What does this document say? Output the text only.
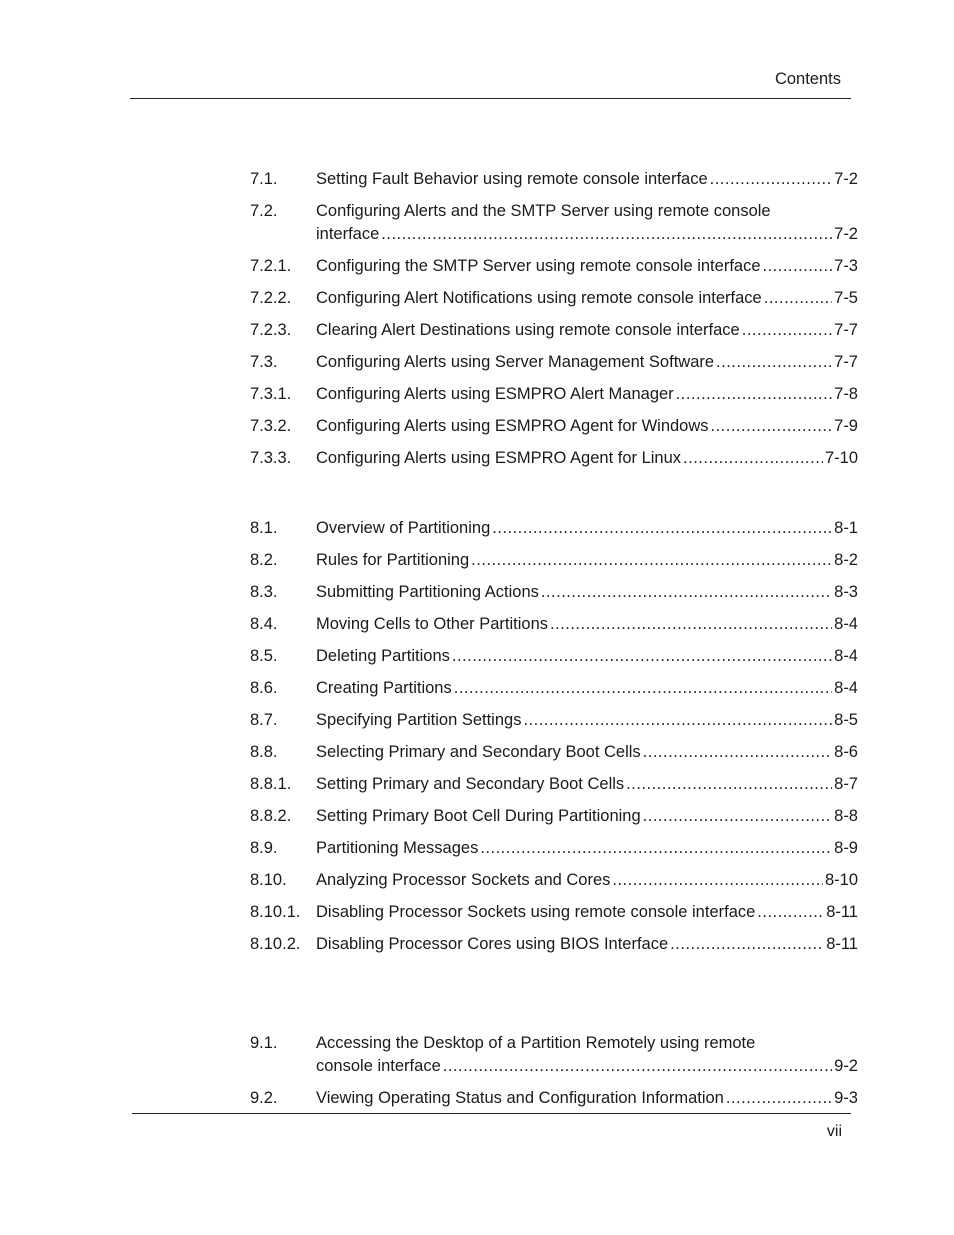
Contents
7.1.	Setting Fault Behavior using remote console interface .....	7-2
7.2.	Configuring Alerts and the SMTP Server using remote console
interface .....	7-2
7.2.1.	Configuring the SMTP Server using remote console interface .....	7-3
7.2.2.	Configuring Alert Notifications using remote console interface .....	7-5
7.2.3.	Clearing Alert Destinations using remote console interface .....	7-7
7.3.	Configuring Alerts using Server Management Software .....	7-7
7.3.1.	Configuring Alerts using ESMPRO Alert Manager .....	7-8
7.3.2.	Configuring Alerts using ESMPRO Agent for Windows .....	7-9
7.3.3.	Configuring Alerts using ESMPRO Agent for Linux .....	7-10
8.1.	Overview of Partitioning .....	8-1
8.2.	Rules for Partitioning .....	8-2
8.3.	Submitting Partitioning Actions .....	8-3
8.4.	Moving Cells to Other Partitions .....	8-4
8.5.	Deleting Partitions .....	8-4
8.6.	Creating Partitions .....	8-4
8.7.	Specifying Partition Settings .....	8-5
8.8.	Selecting Primary and Secondary Boot Cells .....	8-6
8.8.1.	Setting Primary and Secondary Boot Cells .....	8-7
8.8.2.	Setting Primary Boot Cell During Partitioning .....	8-8
8.9.	Partitioning Messages .....	8-9
8.10.	Analyzing Processor Sockets and Cores .....	8-10
8.10.1. Disabling Processor Sockets using remote console interface .....	8-11
8.10.2. Disabling Processor Cores using BIOS Interface .....	8-11
9.1.	Accessing the Desktop of a Partition Remotely using remote
console interface .....	9-2
9.2.	Viewing Operating Status and Configuration Information .....	9-3
vii
